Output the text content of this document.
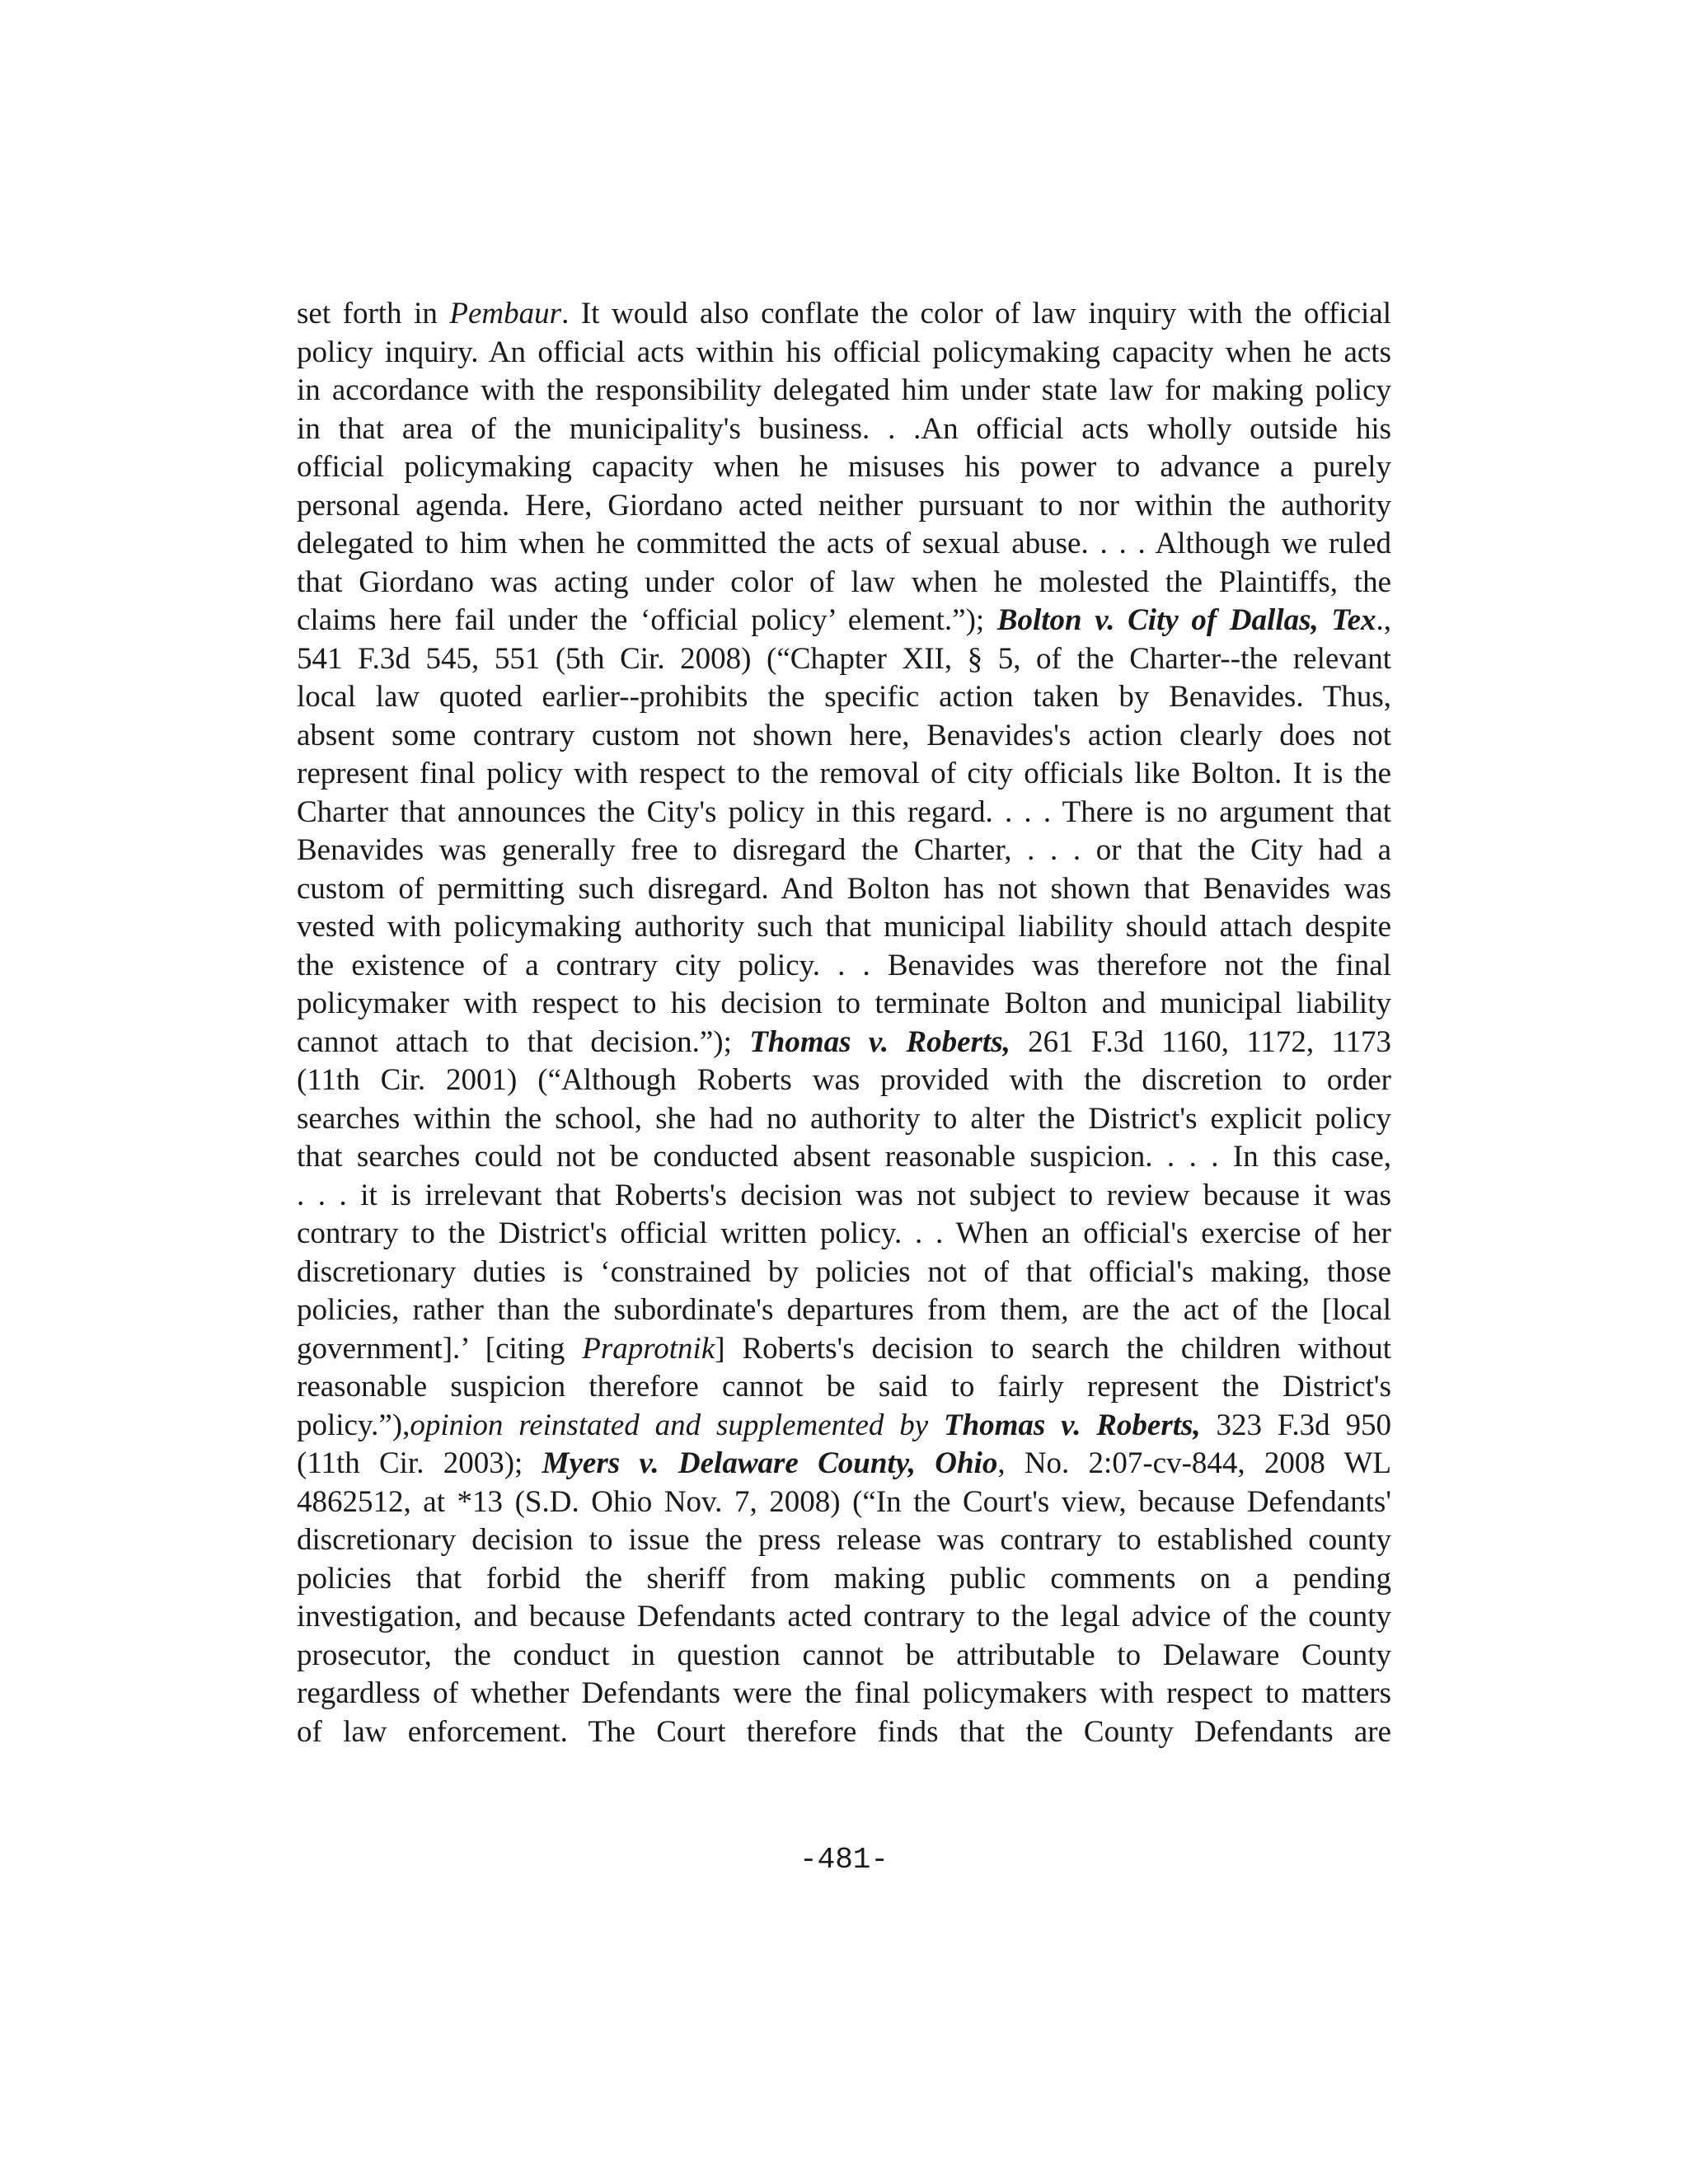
set forth in Pembaur. It would also conflate the color of law inquiry with the official
policy inquiry. An official acts within his official policymaking capacity when he acts
in accordance with the responsibility delegated him under state law for making policy
in that area of the municipality's business. . .An official acts wholly outside his
official policymaking capacity when he misuses his power to advance a purely
personal agenda. Here, Giordano acted neither pursuant to nor within the authority
delegated to him when he committed the acts of sexual abuse. . . . Although we ruled
that Giordano was acting under color of law when he molested the Plaintiffs, the
claims here fail under the ‘official policy’ element.”); Bolton v. City of Dallas, Tex.,
541 F.3d 545, 551 (5th Cir. 2008) (“Chapter XII, § 5, of the Charter--the relevant
local law quoted earlier--prohibits the specific action taken by Benavides. Thus,
absent some contrary custom not shown here, Benavides's action clearly does not
represent final policy with respect to the removal of city officials like Bolton. It is the
Charter that announces the City's policy in this regard. . . . There is no argument that
Benavides was generally free to disregard the Charter, . . . or that the City had a
custom of permitting such disregard. And Bolton has not shown that Benavides was
vested with policymaking authority such that municipal liability should attach despite
the existence of a contrary city policy. . . Benavides was therefore not the final
policymaker with respect to his decision to terminate Bolton and municipal liability
cannot attach to that decision.”); Thomas v. Roberts, 261 F.3d 1160, 1172, 1173
(11th Cir. 2001) (“Although Roberts was provided with the discretion to order
searches within the school, she had no authority to alter the District's explicit policy
that searches could not be conducted absent reasonable suspicion. . . . In this case,
. . . it is irrelevant that Roberts's decision was not subject to review because it was
contrary to the District's official written policy. . . When an official's exercise of her
discretionary duties is ‘constrained by policies not of that official's making, those
policies, rather than the subordinate's departures from them, are the act of the [local
government].’ [citing Praprotnik] Roberts's decision to search the children without
reasonable suspicion therefore cannot be said to fairly represent the District's
policy.”),opinion reinstated and supplemented by Thomas v. Roberts, 323 F.3d 950
(11th Cir. 2003); Myers v. Delaware County, Ohio, No. 2:07-cv-844, 2008 WL
4862512, at *13 (S.D. Ohio Nov. 7, 2008) (“In the Court's view, because Defendants'
discretionary decision to issue the press release was contrary to established county
policies that forbid the sheriff from making public comments on a pending
investigation, and because Defendants acted contrary to the legal advice of the county
prosecutor, the conduct in question cannot be attributable to Delaware County
regardless of whether Defendants were the final policymakers with respect to matters
of law enforcement. The Court therefore finds that the County Defendants are
-481-
